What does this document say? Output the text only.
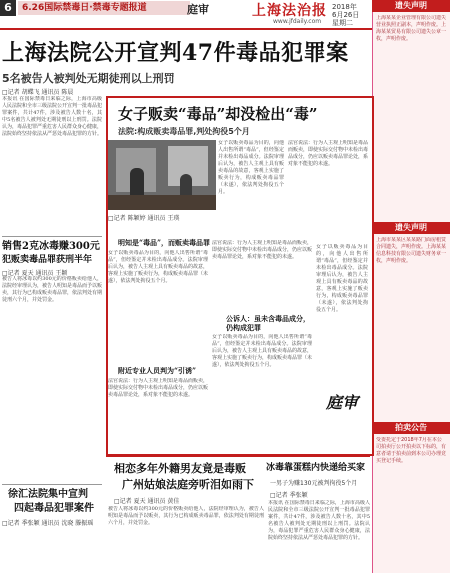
6	6.26国际禁毒日·禁毒专题报道	庭审	上海法治报 2018年
6月26日
星期二
www.jfdaily.com
遗失声明
上海某某企业管理有限公司遗失营业执照正副本，声明作废。上海某某贸易有限公司遗失公章一枚，声明作废。
遗失声明
上海市某某区某某路门面房租赁合同遗失，声明作废。上海某某信息科技有限公司遗失财务章一枚，声明作废。
拍卖公告
受委托定于2018年7月在本公司拍卖厅公开拍卖以下标的，有意者请于拍卖前到本公司办理竞买登记手续。
上海法院公开宣判47件毒品犯罪案
5名被告人被判处无期徒刑以上刑罚
□记者 胡蝶飞 通讯员 陈晨
本报讯 在国际禁毒日来临之际，上海市高级人民法院和全市三级法院公开宣判一批毒品犯罪案件，共计47件，涉及被告人数十名，其中5名被告人被判处无期徒刑以上刑罚。法院认为，毒品犯罪严重危害人民群众身心健康，法院始终坚持依法从严惩处毒品犯罪的方针。
销售2克冰毒赚300元
犯贩卖毒品罪获刑半年
□记者 夏天 通讯员 王颖
被告人将冰毒以约300元的价格贩卖给他人，法院经审理认为，被告人明知是毒品而予以贩卖，其行为已构成贩卖毒品罪，依法判处有期徒刑六个月，并处罚金。
徐汇法院集中宣判
四起毒品犯罪案件
□记者 季张颖 通讯员 沈晓 滕振瑶
女子贩卖“毒品”却没检出“毒”
法院:构成贩卖毒品罪,判处拘役5个月
□记者 陈颖婷 通讯员 王瑛
女子以贩卖毒品为目的，向他人出售所谓“毒品”，但经鉴定并未检出毒品成分。法院审理后认为，被告人主观上具有贩卖毒品的故意，客观上实施了贩卖行为，构成贩卖毒品罪（未遂），依法判处拘役五个月。
法官说法：行为人主观上明知是毒品而贩卖，即使实际交付物中未检出毒品成分，仍应以贩卖毒品罪论处，系对象不能犯的未遂。
明知是“毒品”，而贩卖毒品罪
女子以贩卖毒品为目的，向他人出售所谓“毒品”，但经鉴定并未检出毒品成分。法院审理后认为，被告人主观上具有贩卖毒品的故意，客观上实施了贩卖行为，构成贩卖毒品罪（未遂），依法判处拘役五个月。
附近专业人员判为“引诱”
法官说法：行为人主观上明知是毒品而贩卖，即使实际交付物中未检出毒品成分，仍应以贩卖毒品罪论处，系对象不能犯的未遂。
法官说法：行为人主观上明知是毒品而贩卖，即使实际交付物中未检出毒品成分，仍应以贩卖毒品罪论处，系对象不能犯的未遂。
公诉人：虽未含毒品成分，仍构成犯罪
女子以贩卖毒品为目的，向他人出售所谓“毒品”，但经鉴定并未检出毒品成分。法院审理后认为，被告人主观上具有贩卖毒品的故意，客观上实施了贩卖行为，构成贩卖毒品罪（未遂），依法判处拘役五个月。
女子以贩卖毒品为目的，向他人出售所谓“毒品”，但经鉴定并未检出毒品成分。法院审理后认为，被告人主观上具有贩卖毒品的故意，客观上实施了贩卖行为，构成贩卖毒品罪（未遂），依法判处拘役五个月。
庭审
相恋多年外籍男友竟是毒贩
广州姑娘法庭旁听泪如雨下
□记者 夏天 通讯员 黄佳
被告人将冰毒以约300元的价格贩卖给他人，法院经审理认为，被告人明知是毒品而予以贩卖，其行为已构成贩卖毒品罪，依法判处有期徒刑六个月，并处罚金。
冰毒靠蛋糕内快递给买家
一男子为赚130元被判拘役5个月
□记者 季张颖
本报讯 在国际禁毒日来临之际，上海市高级人民法院和全市三级法院公开宣判一批毒品犯罪案件，共计47件，涉及被告人数十名，其中5名被告人被判处无期徒刑以上刑罚。法院认为，毒品犯罪严重危害人民群众身心健康，法院始终坚持依法从严惩处毒品犯罪的方针。
